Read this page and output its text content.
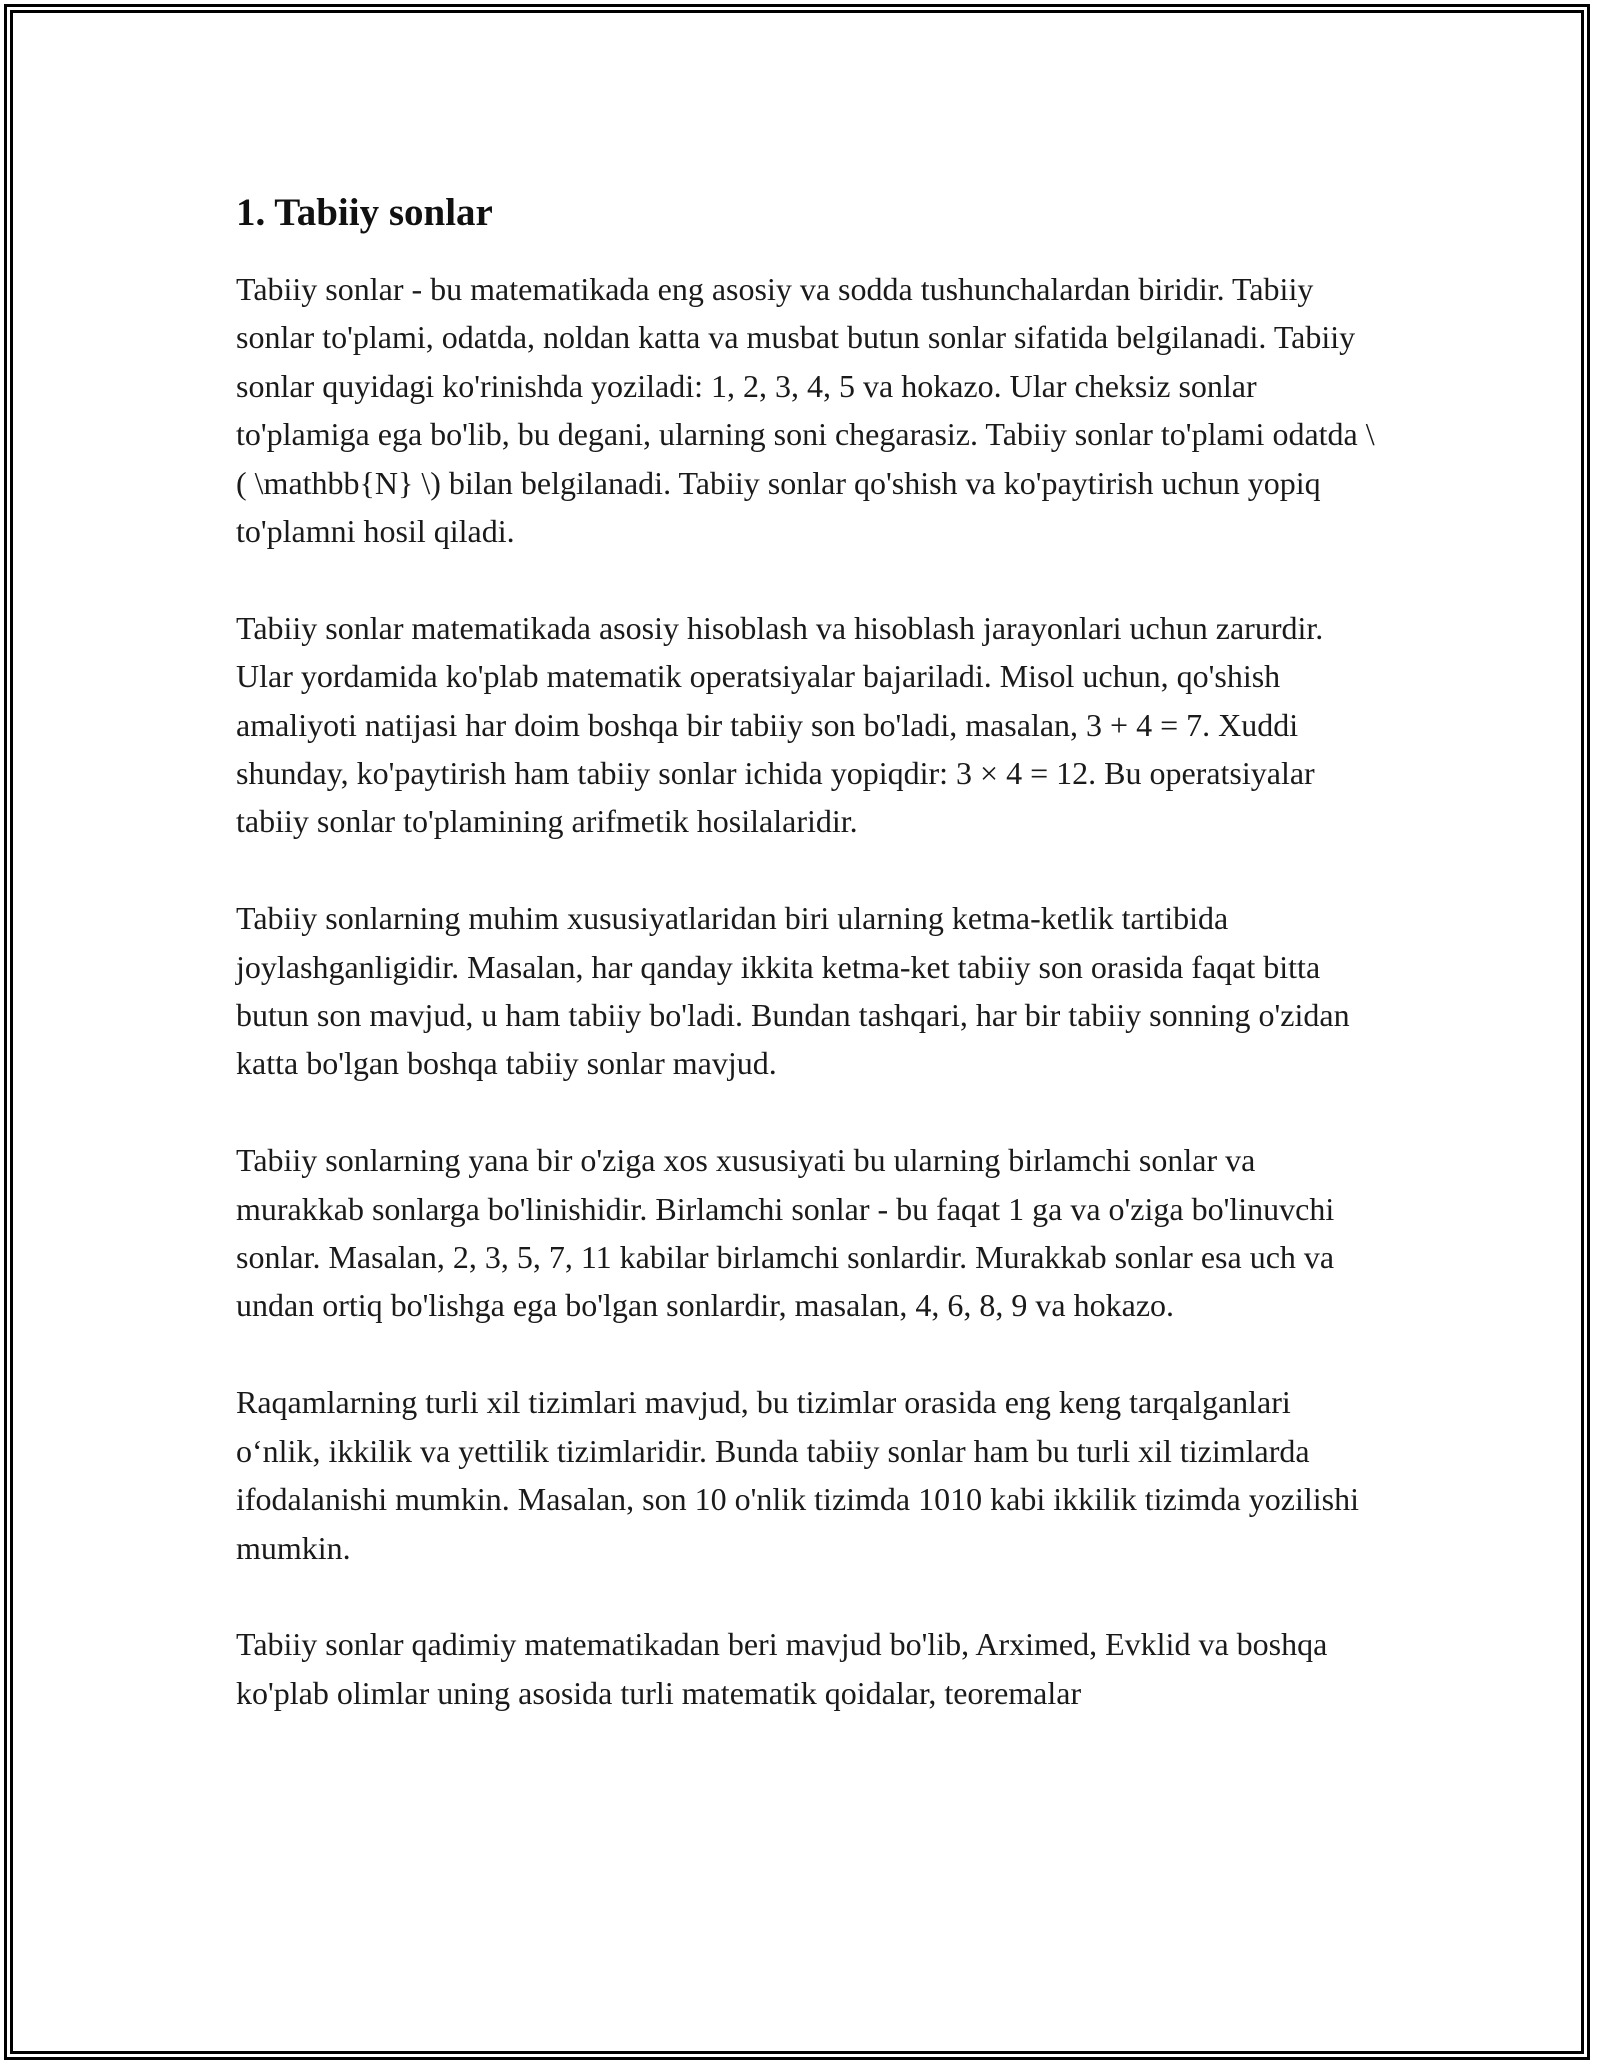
1. Tabiiy sonlar

Tabiiy sonlar - bu matematikada eng asosiy va sodda tushunchalardan biridir. Tabiiy sonlar to'plami, odatda, noldan katta va musbat butun sonlar sifatida belgilanadi. Tabiiy sonlar quyidagi ko'rinishda yoziladi: 1, 2, 3, 4, 5 va hokazo. Ular cheksiz sonlar to'plamiga ega bo'lib, bu degani, ularning soni chegarasiz. Tabiiy sonlar to'plami odatda \( \mathbb{N} \) bilan belgilanadi. Tabiiy sonlar qo'shish va ko'paytirish uchun yopiq to'plamni hosil qiladi.

Tabiiy sonlar matematikada asosiy hisoblash va hisoblash jarayonlari uchun zarurdir. Ular yordamida ko'plab matematik operatsiyalar bajariladi. Misol uchun, qo'shish amaliyoti natijasi har doim boshqa bir tabiiy son bo'ladi, masalan, 3 + 4 = 7. Xuddi shunday, ko'paytirish ham tabiiy sonlar ichida yopiqdir: 3 × 4 = 12. Bu operatsiyalar tabiiy sonlar to'plamining arifmetik hosilalaridir.

Tabiiy sonlarning muhim xususiyatlaridan biri ularning ketma-ketlik tartibida joylashganligidir. Masalan, har qanday ikkita ketma-ket tabiiy son orasida faqat bitta butun son mavjud, u ham tabiiy bo'ladi. Bundan tashqari, har bir tabiiy sonning o'zidan katta bo'lgan boshqa tabiiy sonlar mavjud.

Tabiiy sonlarning yana bir o'ziga xos xususiyati bu ularning birlamchi sonlar va murakkab sonlarga bo'linishidir. Birlamchi sonlar - bu faqat 1 ga va o'ziga bo'linuvchi sonlar. Masalan, 2, 3, 5, 7, 11 kabilar birlamchi sonlardir. Murakkab sonlar esa uch va undan ortiq bo'lishga ega bo'lgan sonlardir, masalan, 4, 6, 8, 9 va hokazo.

Raqamlarning turli xil tizimlari mavjud, bu tizimlar orasida eng keng tarqalganlari o‘nlik, ikkilik va yettilik tizimlaridir. Bunda tabiiy sonlar ham bu turli xil tizimlarda ifodalanishi mumkin. Masalan, son 10 o'nlik tizimda 1010 kabi ikkilik tizimda yozilishi mumkin.

Tabiiy sonlar qadimiy matematikadan beri mavjud bo'lib, Arximed, Evklid va boshqa ko'plab olimlar uning asosida turli matematik qoidalar, teoremalar
